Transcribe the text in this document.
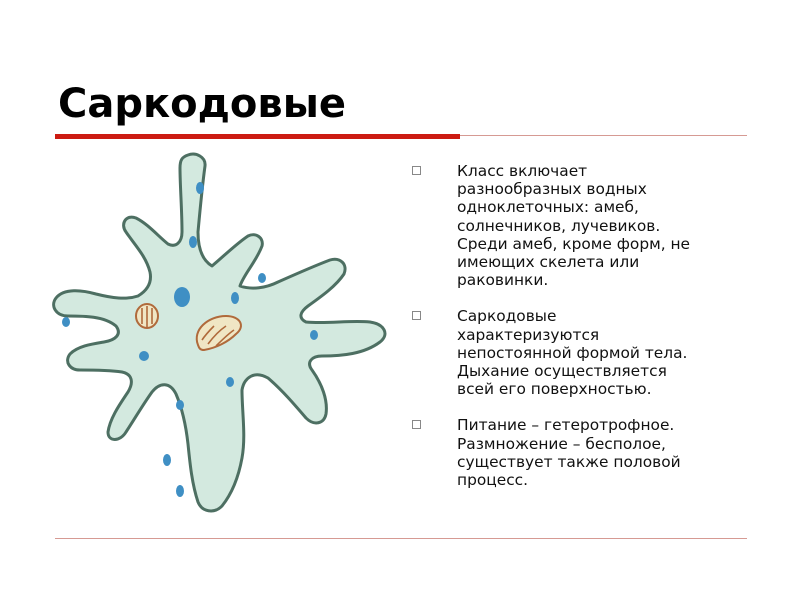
Саркодовые
Класс включает
разнообразных водных
одноклеточных: амеб,
солнечников, лучевиков.
Среди амеб, кроме форм, не
имеющих скелета или
раковинки.
Саркодовые
характеризуются
непостоянной формой тела.
Дыхание осуществляется
всей его поверхностью.
Питание – гетеротрофное.
Размножение – бесполое,
существует также половой
процесс.
